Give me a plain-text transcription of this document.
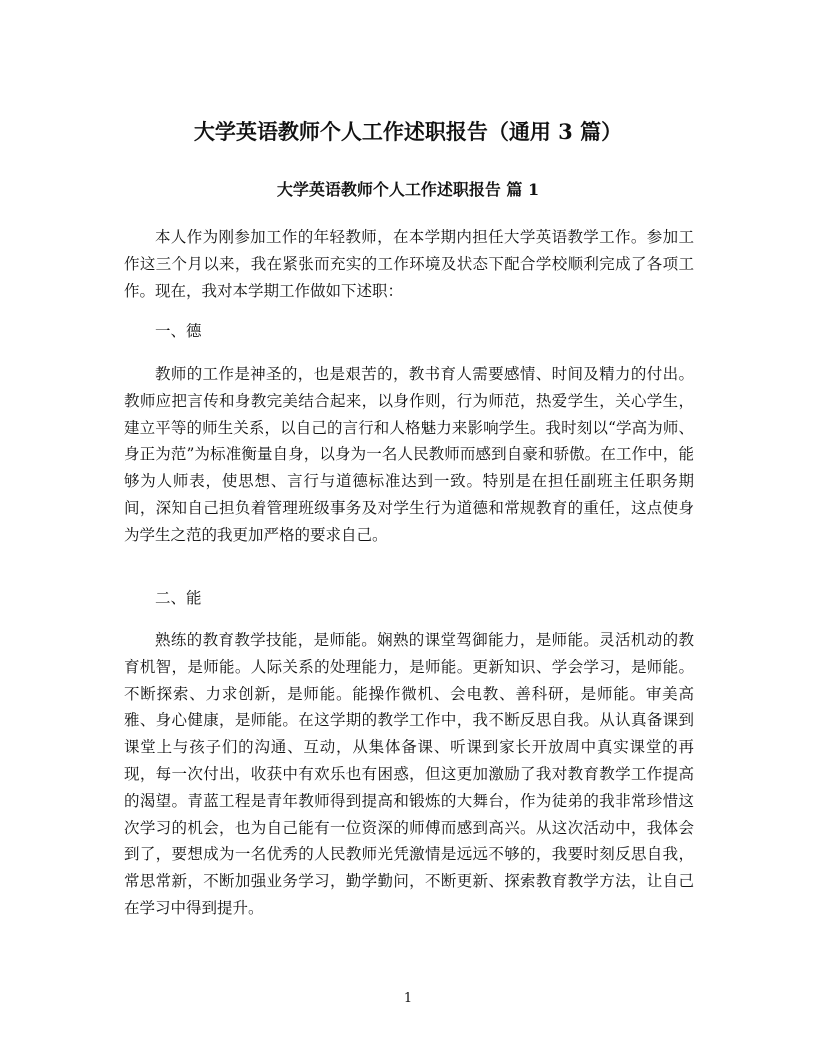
大学英语教师个人工作述职报告（通用 3 篇）
大学英语教师个人工作述职报告 篇 1

本人作为刚参加工作的年轻教师，在本学期内担任大学英语教学工作。参加工作这三个月以来，我在紧张而充实的工作环境及状态下配合学校顺利完成了各项工作。现在，我对本学期工作做如下述职：

一、德

教师的工作是神圣的，也是艰苦的，教书育人需要感情、时间及精力的付出。教师应把言传和身教完美结合起来，以身作则，行为师范，热爱学生，关心学生，建立平等的师生关系，以自己的言行和人格魅力来影响学生。我时刻以“学高为师、身正为范”为标准衡量自身，以身为一名人民教师而感到自豪和骄傲。在工作中，能够为人师表，使思想、言行与道德标准达到一致。特别是在担任副班主任职务期间，深知自己担负着管理班级事务及对学生行为道德和常规教育的重任，这点使身为学生之范的我更加严格的要求自己。

二、能

熟练的教育教学技能，是师能。娴熟的课堂驾御能力，是师能。灵活机动的教育机智，是师能。人际关系的处理能力，是师能。更新知识、学会学习，是师能。不断探索、力求创新，是师能。能操作微机、会电教、善科研，是师能。审美高雅、身心健康，是师能。在这学期的教学工作中，我不断反思自我。从认真备课到课堂上与孩子们的沟通、互动，从集体备课、听课到家长开放周中真实课堂的再现，每一次付出，收获中有欢乐也有困惑，但这更加激励了我对教育教学工作提高的渴望。青蓝工程是青年教师得到提高和锻炼的大舞台，作为徒弟的我非常珍惜这次学习的机会，也为自己能有一位资深的师傅而感到高兴。从这次活动中，我体会到了，要想成为一名优秀的人民教师光凭激情是远远不够的，我要时刻反思自我，常思常新，不断加强业务学习，勤学勤问，不断更新、探索教育教学方法，让自己在学习中得到提升。

1
